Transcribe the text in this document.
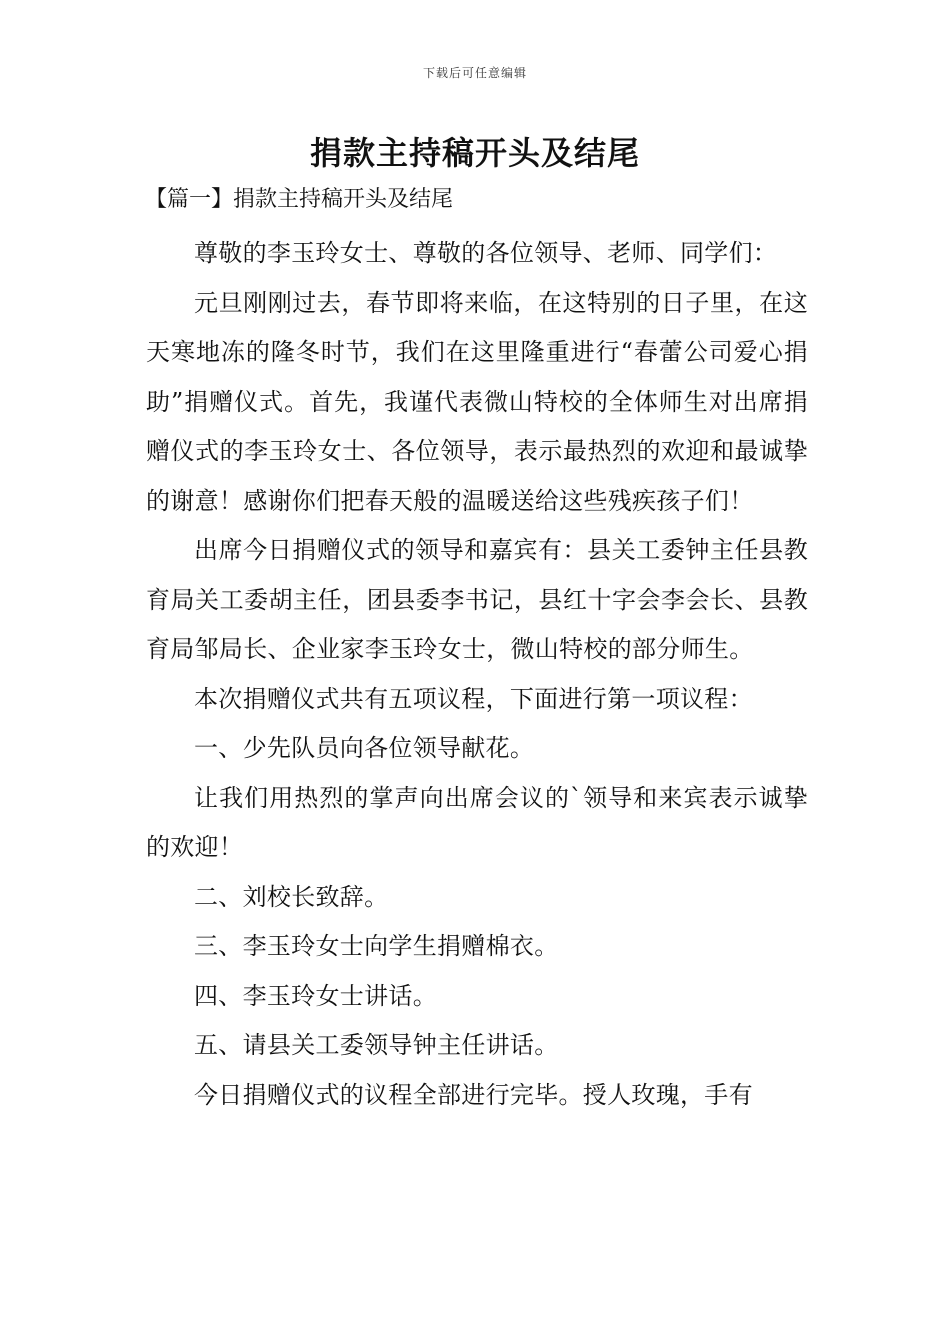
下载后可任意编辑
捐款主持稿开头及结尾
【篇一】捐款主持稿开头及结尾

尊敬的李玉玲女士、尊敬的各位领导、老师、同学们：

元旦刚刚过去，春节即将来临，在这特别的日子里，在这天寒地冻的隆冬时节，我们在这里隆重进行“春蕾公司爱心捐助”捐赠仪式。首先，我谨代表微山特校的全体师生对出席捐赠仪式的李玉玲女士、各位领导，表示最热烈的欢迎和最诚挚的谢意！感谢你们把春天般的温暖送给这些残疾孩子们！

出席今日捐赠仪式的领导和嘉宾有：县关工委钟主任县教育局关工委胡主任，团县委李书记，县红十字会李会长、县教育局邹局长、企业家李玉玲女士，微山特校的部分师生。

本次捐赠仪式共有五项议程，下面进行第一项议程：

一、少先队员向各位领导献花。

让我们用热烈的掌声向出席会议的`领导和来宾表示诚挚的欢迎！

二、刘校长致辞。

三、李玉玲女士向学生捐赠棉衣。

四、李玉玲女士讲话。

五、请县关工委领导钟主任讲话。

今日捐赠仪式的议程全部进行完毕。授人玫瑰，手有
